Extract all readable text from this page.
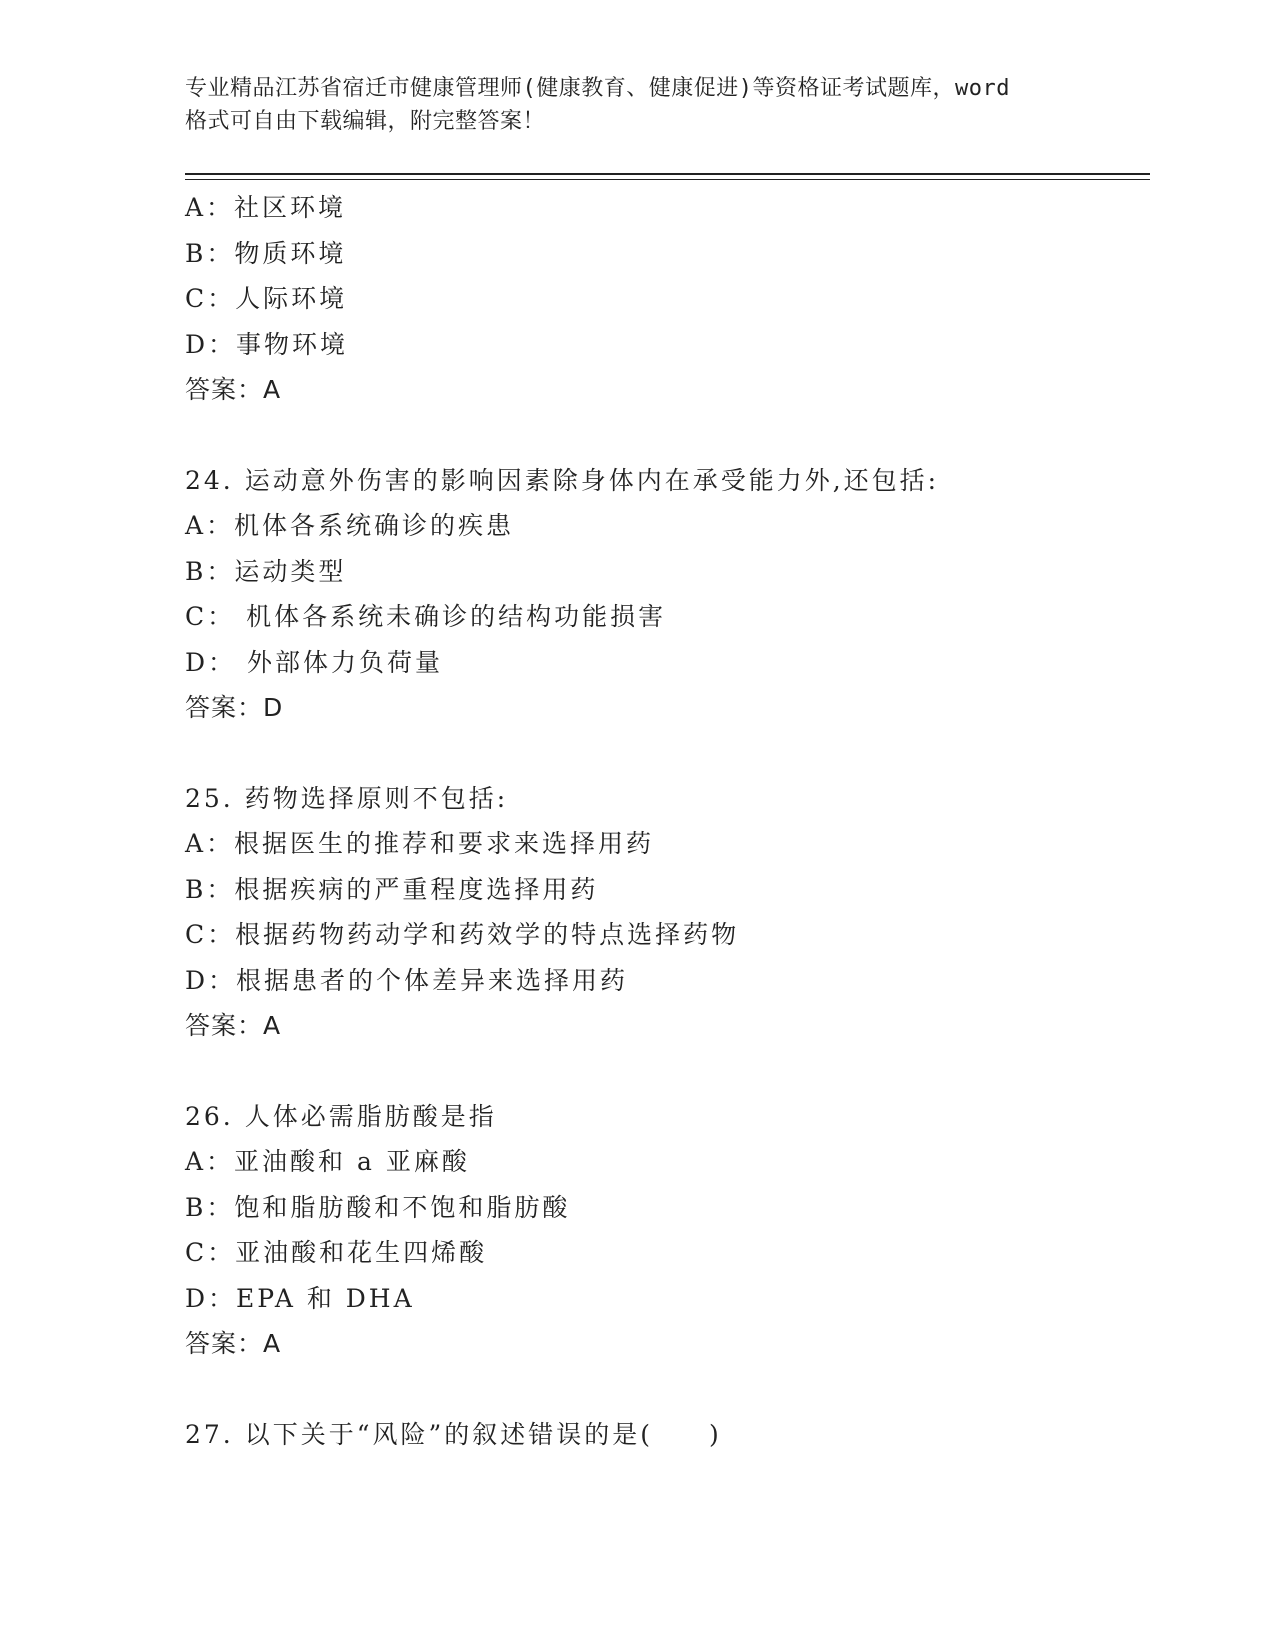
专业精品江苏省宿迁市健康管理师(健康教育、健康促进)等资格证考试题库，word
格式可自由下载编辑，附完整答案！
A：社区环境
B：物质环境
C：人际环境
D：事物环境
答案：A
24. 运动意外伤害的影响因素除身体内在承受能力外,还包括:
A：机体各系统确诊的疾患
B：运动类型
C： 机体各系统未确诊的结构功能损害
D： 外部体力负荷量
答案：D
25. 药物选择原则不包括:
A：根据医生的推荐和要求来选择用药
B：根据疾病的严重程度选择用药
C：根据药物药动学和药效学的特点选择药物
D：根据患者的个体差异来选择用药
答案：A
26. 人体必需脂肪酸是指
A：亚油酸和 a 亚麻酸
B：饱和脂肪酸和不饱和脂肪酸
C：亚油酸和花生四烯酸
D：EPA 和 DHA
答案：A
27. 以下关于“风险”的叙述错误的是(　　)
